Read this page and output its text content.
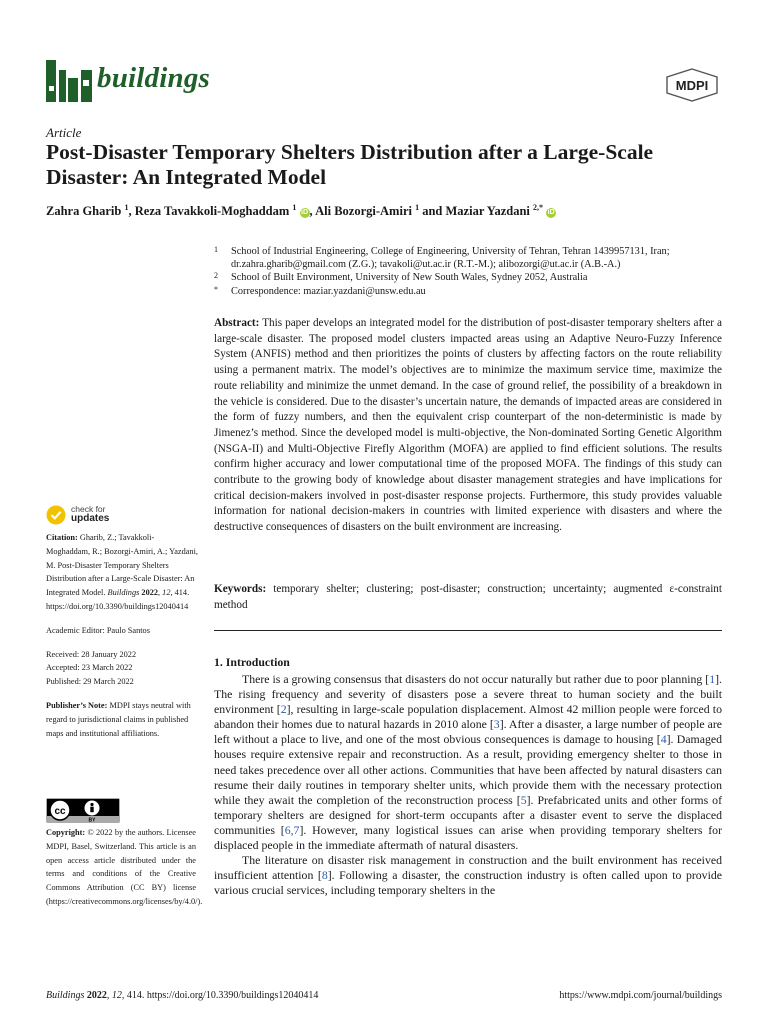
buildings	MDPI
Article
Post-Disaster Temporary Shelters Distribution after a Large-Scale Disaster: An Integrated Model
Zahra Gharib $^1$, Reza Tavakkoli-Moghaddam $^1$ iD , Ali Bozorgi-Amiri $^1$ and Maziar Yazdani $^{2,*}$ iD
1	School of Industrial Engineering, College of Engineering, University of Tehran, Tehran 1439957131, Iran; dr.zahra.gharib@gmail.com (Z.G.); tavakoli@ut.ac.ir (R.T.-M.); alibozorgi@ut.ac.ir (A.B.-A.)
2	School of Built Environment, University of New South Wales, Sydney 2052, Australia
*	Correspondence: maziar.yazdani@unsw.edu.au
Abstract: This paper develops an integrated model for the distribution of post-disaster temporary shelters after a large-scale disaster. The proposed model clusters impacted areas using an Adaptive Neuro-Fuzzy Inference System (ANFIS) method and then prioritizes the points of clusters by affecting factors on the route reliability using a permanent matrix. The model’s objectives are to minimize the maximum service time, maximize the route reliability and minimize the unmet demand. In the case of ground relief, the possibility of a breakdown in the vehicle is considered. Due to the disaster’s uncertain nature, the demands of impacted areas are considered in the form of fuzzy numbers, and then the equivalent crisp counterpart of the non-deterministic is made by Jimenez’s method. Since the developed model is multi-objective, the Non-dominated Sorting Genetic Algorithm (NSGA-II) and Multi-Objective Firefly Algorithm (MOFA) are applied to find efficient solutions. The results confirm higher accuracy and lower computational time of the proposed MOFA. The findings of this study can contribute to the growing body of knowledge about disaster management strategies and have implications for critical decision-makers involved in post-disaster response projects. Furthermore, this study provides valuable information for national decision-makers in countries with limited experience with disasters and where the destructive consequences of disasters on the built environment are increasing.
Keywords: temporary shelter; clustering; post-disaster; construction; uncertainty; augmented ε-constraint method
1. Introduction

There is a growing consensus that disasters do not occur naturally but rather due to poor planning [1]. The rising frequency and severity of disasters pose a severe threat to human society and the built environment [2], resulting in large-scale population displacement. Almost 42 million people were forced to abandon their homes due to natural hazards in 2010 alone [3]. After a disaster, a large number of people are left without a place to live, and one of the most obvious consequences is damage to housing [4]. Damaged houses require extensive repair and reconstruction. As a result, providing emergency shelter to those in need takes precedence over all other actions. Communities that have been affected by natural disasters can resume their daily routines in temporary shelter units, which provide them with the necessary protection while they await the completion of the reconstruction process [5]. Prefabricated units and other forms of temporary shelters are designed for short-term occupants after a disaster event to serve the displaced communities [6,7]. However, many logistical issues can arise when providing temporary shelters for displaced people in the immediate aftermath of natural disasters.

The literature on disaster risk management in construction and the built environment has received insufficient attention [8]. Following a disaster, the construction industry is often called upon to provide various crucial services, including temporary shelters in the

check for
updates
Citation: Gharib, Z.; Tavakkoli-Moghaddam, R.; Bozorgi-Amiri, A.; Yazdani, M. Post-Disaster Temporary Shelters Distribution after a Large-Scale Disaster: An Integrated Model. Buildings 2022, 12, 414. https://doi.org/10.3390/buildings12040414
Academic Editor: Paulo Santos
Received: 28 January 2022
Accepted: 23 March 2022
Published: 29 March 2022
Publisher’s Note: MDPI stays neutral with regard to jurisdictional claims in published maps and institutional affiliations.
cc
BY
Copyright: © 2022 by the authors. Licensee MDPI, Basel, Switzerland. This article is an open access article distributed under the terms and conditions of the Creative Commons Attribution (CC BY) license (https://creativecommons.org/licenses/by/4.0/).
Buildings 2022, 12, 414. https://doi.org/10.3390/buildings12040414	https://www.mdpi.com/journal/buildings
